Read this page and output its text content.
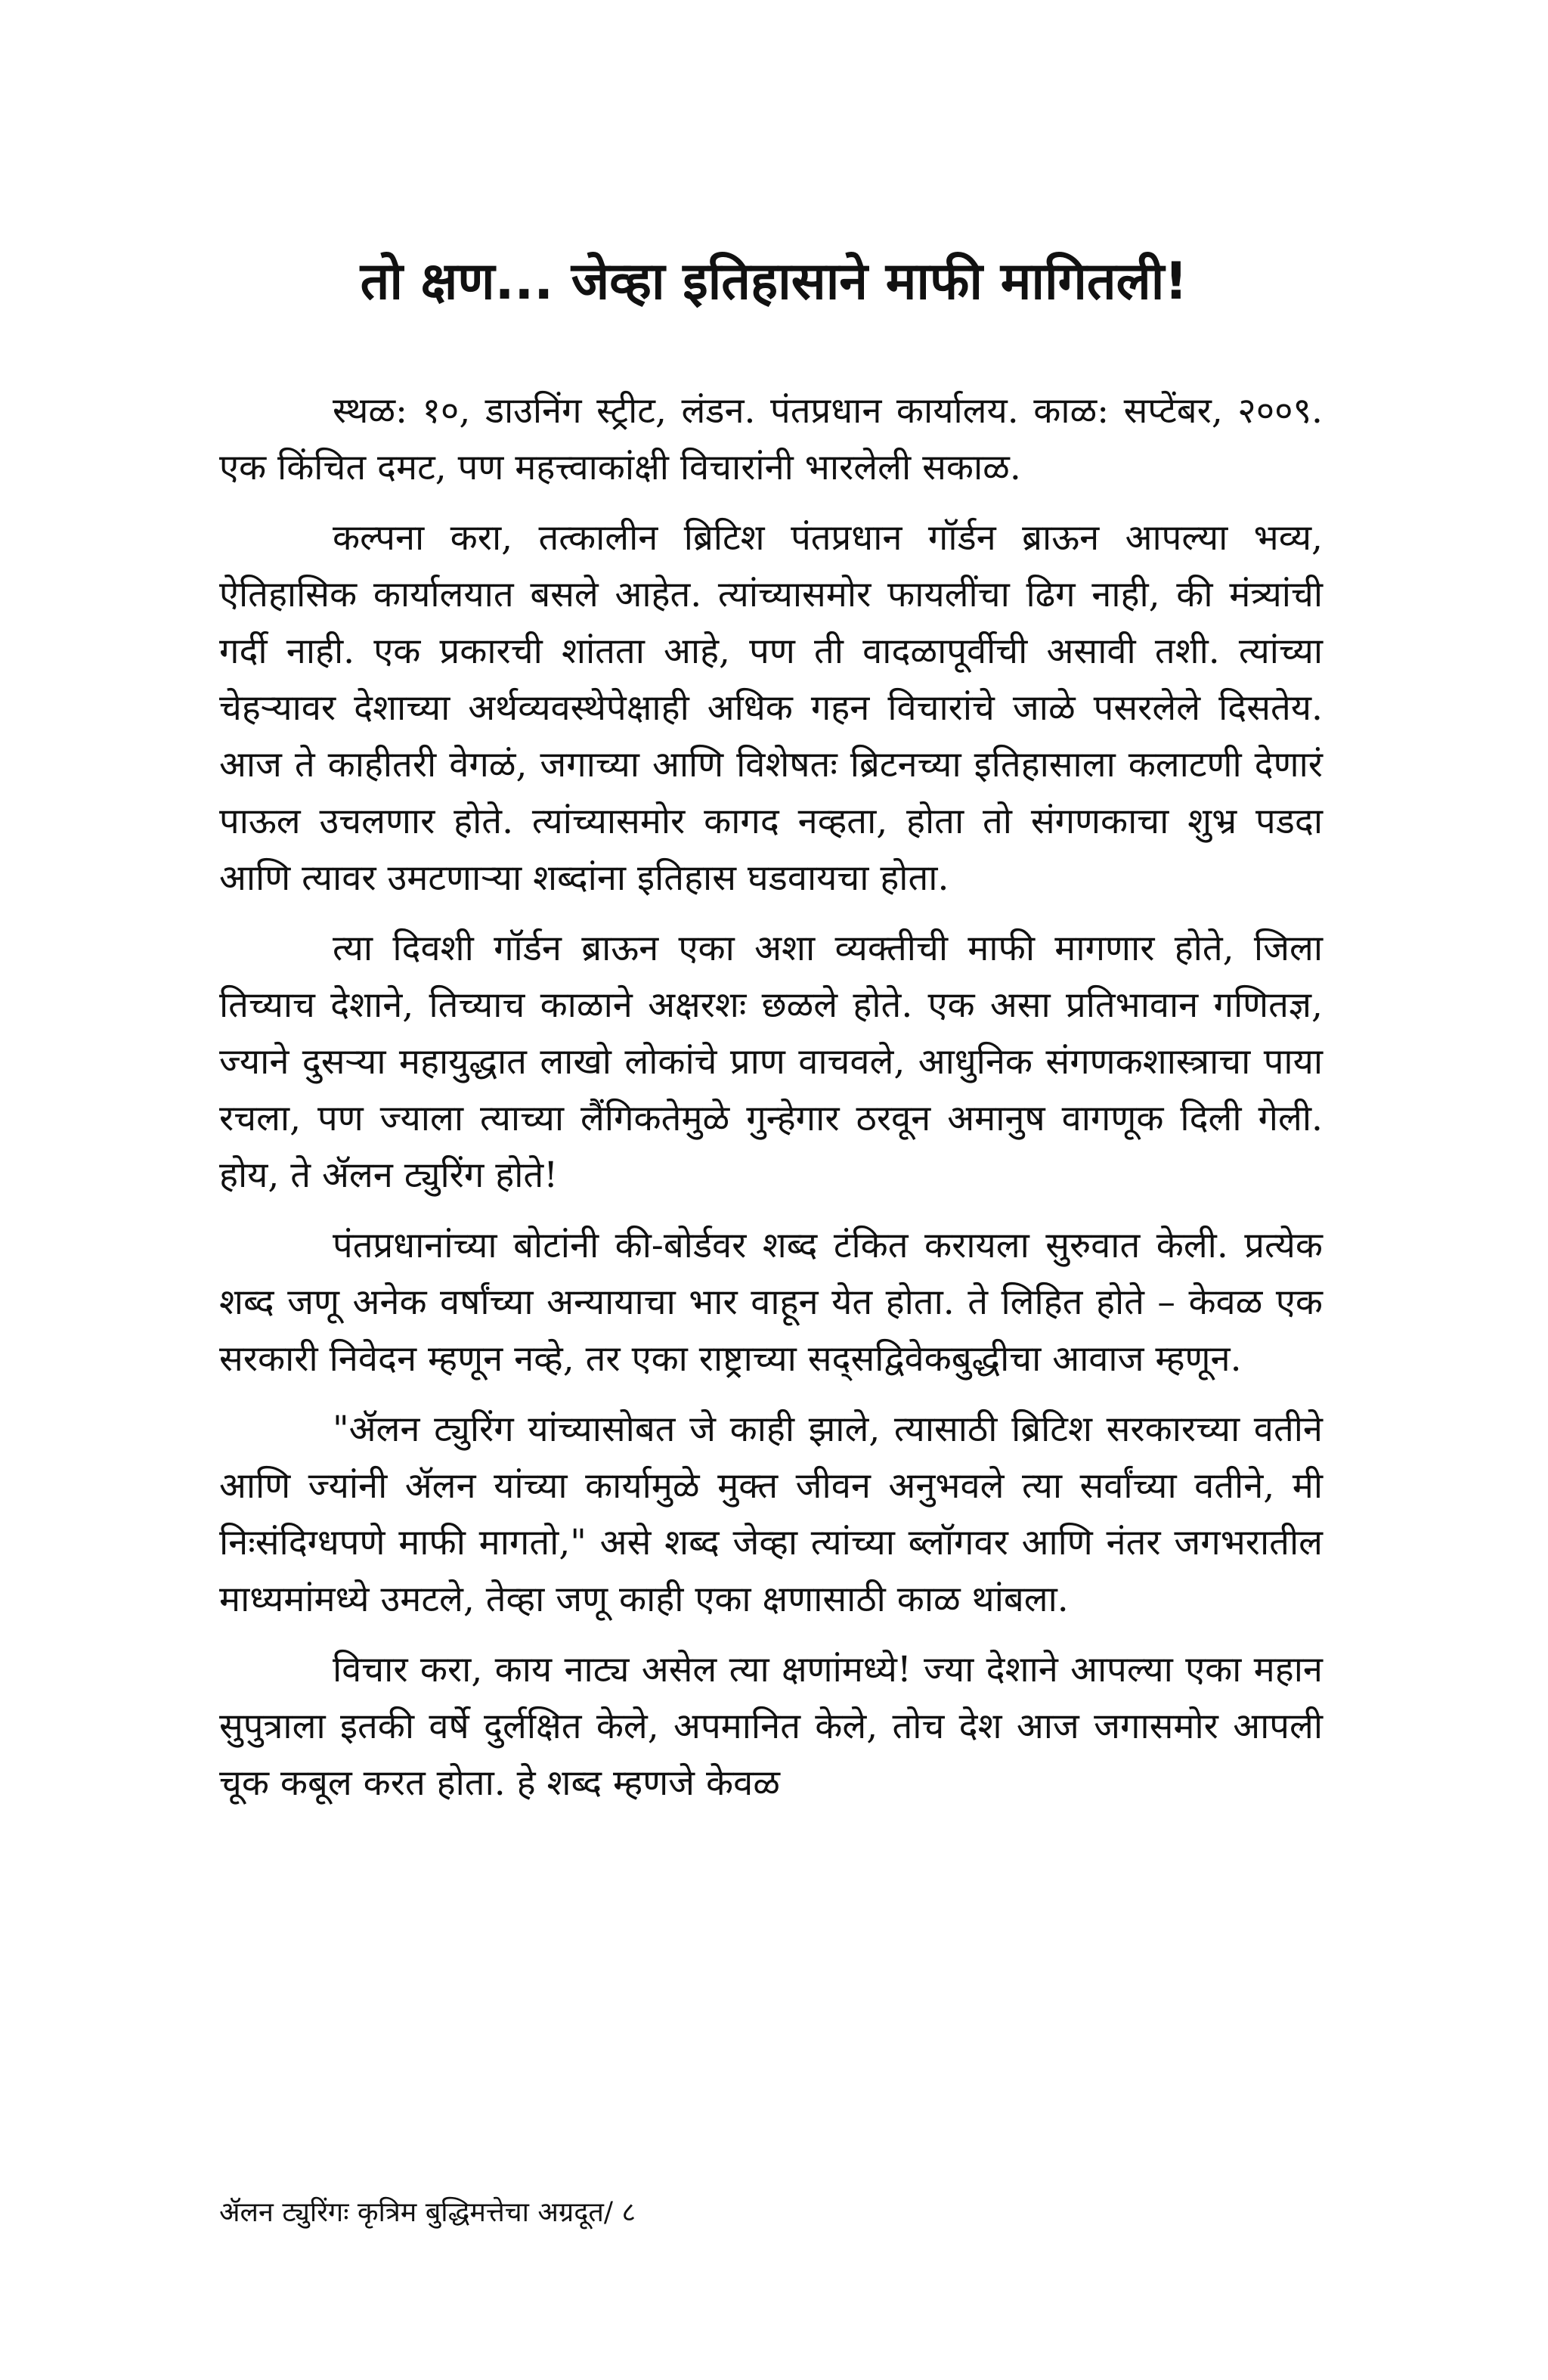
तो क्षण... जेव्हा इतिहासाने माफी मागितली!

स्थळ: १०, डाउनिंग स्ट्रीट, लंडन. पंतप्रधान कार्यालय. काळ: सप्टेंबर, २००९. एक किंचित दमट, पण महत्त्वाकांक्षी विचारांनी भारलेली सकाळ.

कल्पना करा, तत्कालीन ब्रिटिश पंतप्रधान गॉर्डन ब्राऊन आपल्या भव्य, ऐतिहासिक कार्यालयात बसले आहेत. त्यांच्यासमोर फायलींचा ढिग नाही, की मंत्र्यांची गर्दी नाही. एक प्रकारची शांतता आहे, पण ती वादळापूर्वीची असावी तशी. त्यांच्या चेहऱ्यावर देशाच्या अर्थव्यवस्थेपेक्षाही अधिक गहन विचारांचे जाळे पसरलेले दिसतेय. आज ते काहीतरी वेगळं, जगाच्या आणि विशेषतः ब्रिटनच्या इतिहासाला कलाटणी देणारं पाऊल उचलणार होते. त्यांच्यासमोर कागद नव्हता, होता तो संगणकाचा शुभ्र पडदा आणि त्यावर उमटणाऱ्या शब्दांना इतिहास घडवायचा होता.

त्या दिवशी गॉर्डन ब्राऊन एका अशा व्यक्तीची माफी मागणार होते, जिला तिच्याच देशाने, तिच्याच काळाने अक्षरशः छळले होते. एक असा प्रतिभावान गणितज्ञ, ज्याने दुसऱ्या महायुद्धात लाखो लोकांचे प्राण वाचवले, आधुनिक संगणकशास्त्राचा पाया रचला, पण ज्याला त्याच्या लैंगिकतेमुळे गुन्हेगार ठरवून अमानुष वागणूक दिली गेली. होय, ते ॲलन ट्युरिंग होते!

पंतप्रधानांच्या बोटांनी की-बोर्डवर शब्द टंकित करायला सुरुवात केली. प्रत्येक शब्द जणू अनेक वर्षांच्या अन्यायाचा भार वाहून येत होता. ते लिहित होते – केवळ एक सरकारी निवेदन म्हणून नव्हे, तर एका राष्ट्राच्या सद्सद्विवेकबुद्धीचा आवाज म्हणून.

"ॲलन ट्युरिंग यांच्यासोबत जे काही झाले, त्यासाठी ब्रिटिश सरकारच्या वतीने आणि ज्यांनी ॲलन यांच्या कार्यामुळे मुक्त जीवन अनुभवले त्या सर्वांच्या वतीने, मी निःसंदिग्धपणे माफी मागतो," असे शब्द जेव्हा त्यांच्या ब्लॉगवर आणि नंतर जगभरातील माध्यमांमध्ये उमटले, तेव्हा जणू काही एका क्षणासाठी काळ थांबला.

विचार करा, काय नाट्य असेल त्या क्षणांमध्ये! ज्या देशाने आपल्या एका महान सुपुत्राला इतकी वर्षे दुर्लक्षित केले, अपमानित केले, तोच देश आज जगासमोर आपली चूक कबूल करत होता. हे शब्द म्हणजे केवळ

ॲलन ट्युरिंगः कृत्रिम बुद्धिमत्तेचा अग्रदूत/ ८
